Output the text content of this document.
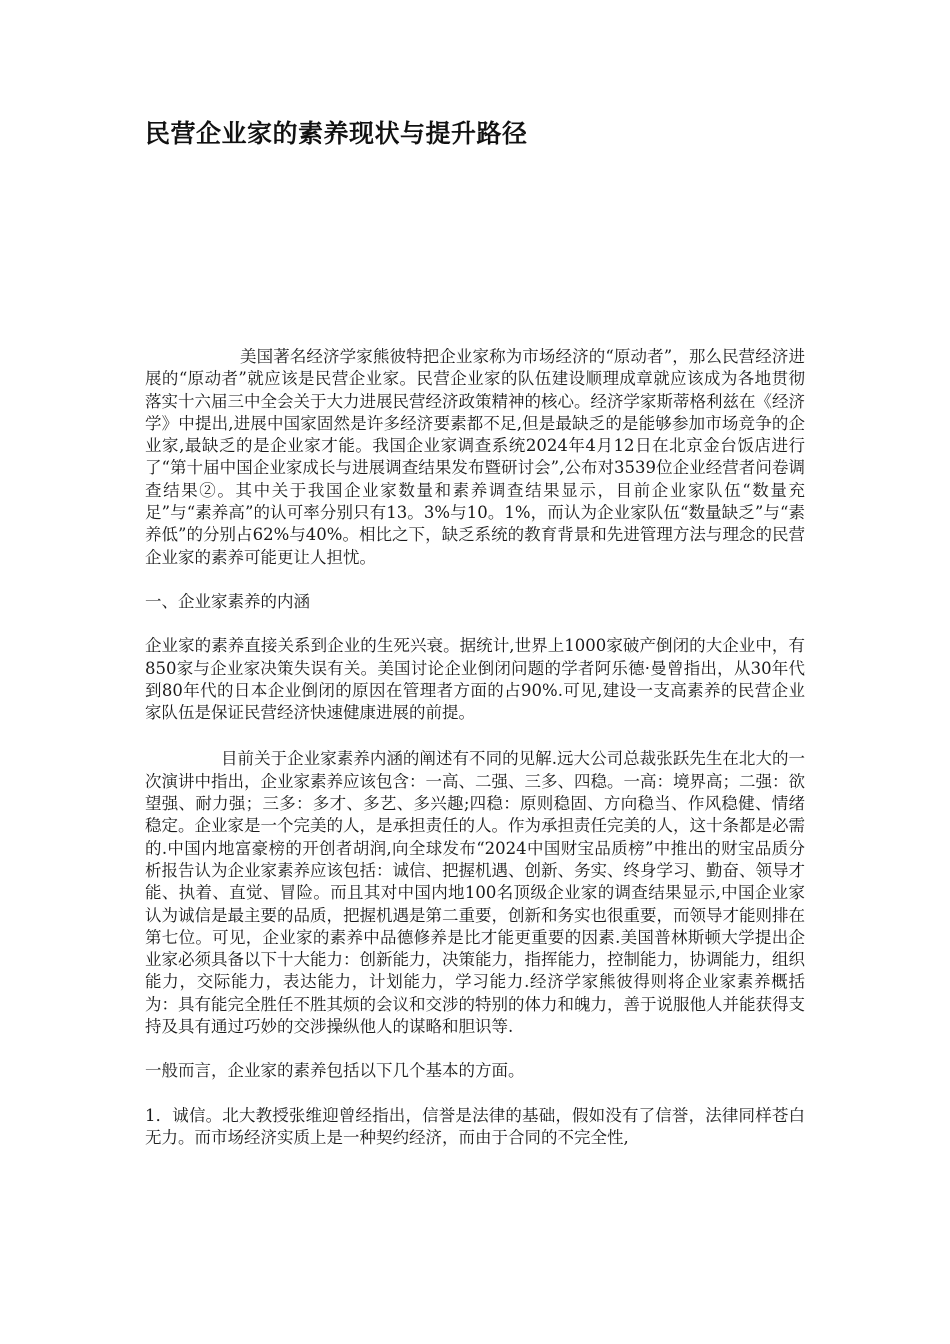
民营企业家的素养现状与提升路径

美国著名经济学家熊彼特把企业家称为市场经济的“原动者”，那么民营经济进展的“原动者”就应该是民营企业家。民营企业家的队伍建设顺理成章就应该成为各地贯彻落实十六届三中全会关于大力进展民营经济政策精神的核心。经济学家斯蒂格利兹在《经济学》中提出,进展中国家固然是许多经济要素都不足,但是最缺乏的是能够参加市场竞争的企业家,最缺乏的是企业家才能。我国企业家调查系统2024年4月12日在北京金台饭店进行了“第十届中国企业家成长与进展调查结果发布暨研讨会”,公布对3539位企业经营者问卷调查结果②。其中关于我国企业家数量和素养调查结果显示，目前企业家队伍“数量充足”与“素养高”的认可率分别只有13。3%与10。1%，而认为企业家队伍“数量缺乏”与“素养低”的分别占62%与40%。相比之下，缺乏系统的教育背景和先进管理方法与理念的民营企业家的素养可能更让人担忧。

一、企业家素养的内涵

企业家的素养直接关系到企业的生死兴衰。据统计,世界上1000家破产倒闭的大企业中，有850家与企业家决策失误有关。美国讨论企业倒闭问题的学者阿乐德·曼曾指出，从30年代到80年代的日本企业倒闭的原因在管理者方面的占90%.可见,建设一支高素养的民营企业家队伍是保证民营经济快速健康进展的前提。

目前关于企业家素养内涵的阐述有不同的见解.远大公司总裁张跃先生在北大的一次演讲中指出，企业家素养应该包含：一高、二强、三多、四稳。一高：境界高；二强：欲望强、耐力强；三多：多才、多艺、多兴趣;四稳：原则稳固、方向稳当、作风稳健、情绪稳定。企业家是一个完美的人，是承担责任的人。作为承担责任完美的人，这十条都是必需的.中国内地富豪榜的开创者胡润,向全球发布“2024中国财宝品质榜”中推出的财宝品质分析报告认为企业家素养应该包括：诚信、把握机遇、创新、务实、终身学习、勤奋、领导才能、执着、直觉、冒险。而且其对中国内地100名顶级企业家的调查结果显示,中国企业家认为诚信是最主要的品质，把握机遇是第二重要，创新和务实也很重要，而领导才能则排在第七位。可见，企业家的素养中品德修养是比才能更重要的因素.美国普林斯顿大学提出企业家必须具备以下十大能力：创新能力，决策能力，指挥能力，控制能力，协调能力，组织能力，交际能力，表达能力，计划能力，学习能力.经济学家熊彼得则将企业家素养概括为：具有能完全胜任不胜其烦的会议和交涉的特别的体力和魄力，善于说服他人并能获得支持及具有通过巧妙的交涉操纵他人的谋略和胆识等.

一般而言，企业家的素养包括以下几个基本的方面。

1．诚信。北大教授张维迎曾经指出，信誉是法律的基础，假如没有了信誉，法律同样苍白无力。而市场经济实质上是一种契约经济，而由于合同的不完全性,
